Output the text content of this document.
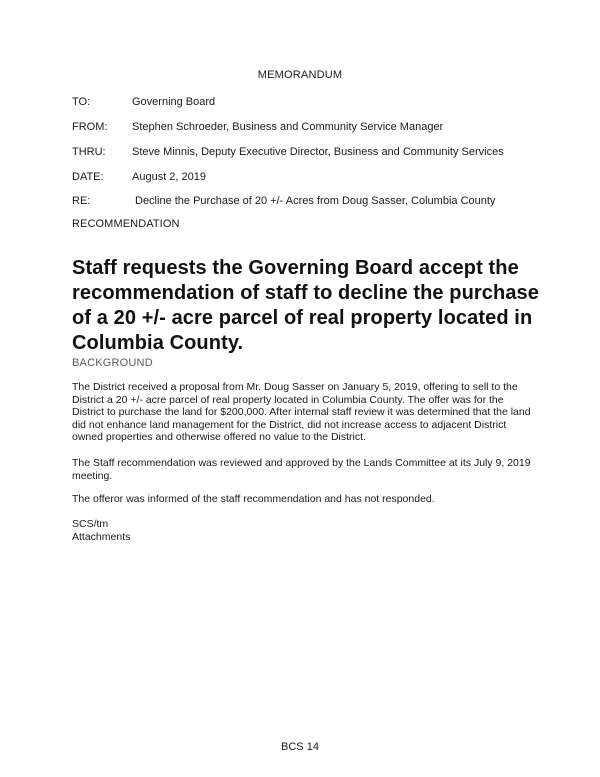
MEMORANDUM
TO:	Governing Board
FROM: Stephen Schroeder, Business and Community Service Manager
THRU: Steve Minnis, Deputy Executive Director, Business and Community Services
DATE:	August 2, 2019
RE:	Decline the Purchase of 20 +/- Acres from Doug Sasser, Columbia County
RECOMMENDATION
Staff requests the Governing Board accept the recommendation of staff to decline the purchase of a 20 +/- acre parcel of real property located in Columbia County.
BACKGROUND

The District received a proposal from Mr. Doug Sasser on January 5, 2019, offering to sell to the District a 20 +/- acre parcel of real property located in Columbia County. The offer was for the District to purchase the land for $200,000. After internal staff review it was determined that the land did not enhance land management for the District, did not increase access to adjacent District owned properties and otherwise offered no value to the District.

The Staff recommendation was reviewed and approved by the Lands Committee at its July 9, 2019 meeting.

The offeror was informed of the staff recommendation and has not responded.

SCS/tm
Attachments
BCS 14
